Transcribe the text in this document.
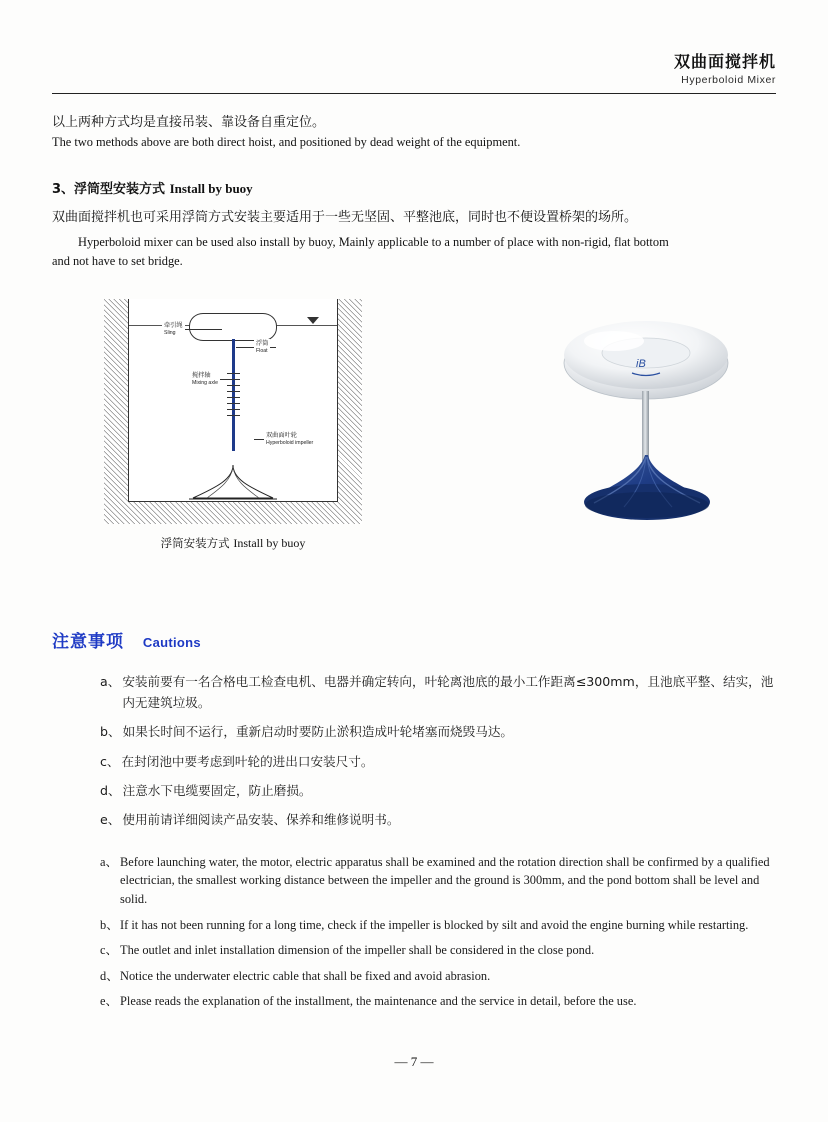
双曲面搅拌机
Hyperboloid Mixer
以上两种方式均是直接吊装、靠设备自重定位。
The two methods above are both direct hoist, and positioned by dead weight of the equipment.
3、浮筒型安装方式 Install by buoy
双曲面搅拌机也可采用浮筒方式安装主要适用于一些无坚固、平整池底，同时也不便设置桥架的场所。
Hyperboloid mixer can be used also install by buoy, Mainly applicable to a number of place with non-rigid, flat bottom
and not have to set bridge.
牵引绳
Sling
浮筒
Float
搅拌轴
Mixing axle
双曲面叶轮
Hyperboloid impeller
浮筒安装方式 Install by buoy
iB
注意事项 Cautions
a、 安装前要有一名合格电工检查电机、电器并确定转向，叶轮离池底的最小工作距离≤300mm，且池底平整、结实，池内无建筑垃圾。
b、 如果长时间不运行，重新启动时要防止淤积造成叶轮堵塞而烧毁马达。
c、 在封闭池中要考虑到叶轮的进出口安装尺寸。
d、 注意水下电缆要固定，防止磨损。
e、 使用前请详细阅读产品安装、保养和维修说明书。
a、 Before launching water, the motor, electric apparatus shall be examined and the rotation direction shall be confirmed by a qualified electrician, the smallest working distance between the impeller and the ground is 300mm, and the pond bottom shall be level and solid.
b、 If it has not been running for a long time, check if the impeller is blocked by silt and avoid the engine burning while restarting.
c、 The outlet and inlet installation dimension of the impeller shall be considered in the close pond.
d、 Notice the underwater electric cable that shall be fixed and avoid abrasion.
e、 Please reads the explanation of the installment, the maintenance and the service in detail, before the use.
— 7 —
